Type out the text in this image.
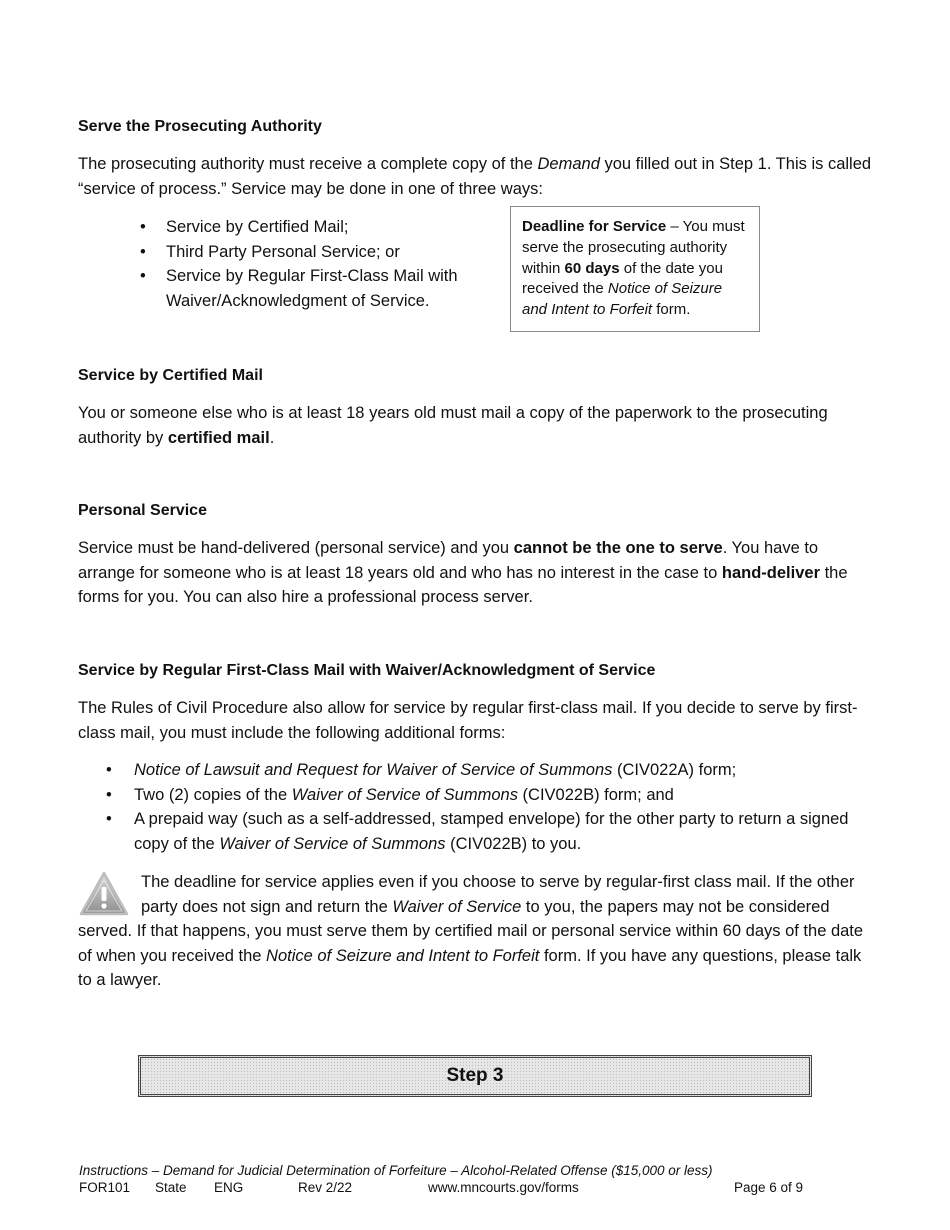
Serve the Prosecuting Authority
The prosecuting authority must receive a complete copy of the Demand you filled out in Step 1. This is called “service of process.” Service may be done in one of three ways:
• Service by Certified Mail;
• Third Party Personal Service; or
• Service by Regular First-Class Mail with Waiver/Acknowledgment of Service.
Deadline for Service – You must serve the prosecuting authority within 60 days of the date you received the Notice of Seizure and Intent to Forfeit form.
Service by Certified Mail
You or someone else who is at least 18 years old must mail a copy of the paperwork to the prosecuting authority by certified mail.
Personal Service
Service must be hand-delivered (personal service) and you cannot be the one to serve. You have to arrange for someone who is at least 18 years old and who has no interest in the case to hand-deliver the forms for you. You can also hire a professional process server.
Service by Regular First-Class Mail with Waiver/Acknowledgment of Service
The Rules of Civil Procedure also allow for service by regular first-class mail. If you decide to serve by first-class mail, you must include the following additional forms:
• Notice of Lawsuit and Request for Waiver of Service of Summons (CIV022A) form;
• Two (2) copies of the Waiver of Service of Summons (CIV022B) form; and
• A prepaid way (such as a self-addressed, stamped envelope) for the other party to return a signed copy of the Waiver of Service of Summons (CIV022B) to you.
The deadline for service applies even if you choose to serve by regular-first class mail. If the other party does not sign and return the Waiver of Service to you, the papers may not be considered
served. If that happens, you must serve them by certified mail or personal service within 60 days of the date of when you received the Notice of Seizure and Intent to Forfeit form. If you have any questions, please talk to a lawyer.
Step 3
Instructions – Demand for Judicial Determination of Forfeiture – Alcohol-Related Offense ($15,000 or less)
FOR101 State ENG	Rev 2/22	www.mncourts.gov/forms	Page 6 of 9
